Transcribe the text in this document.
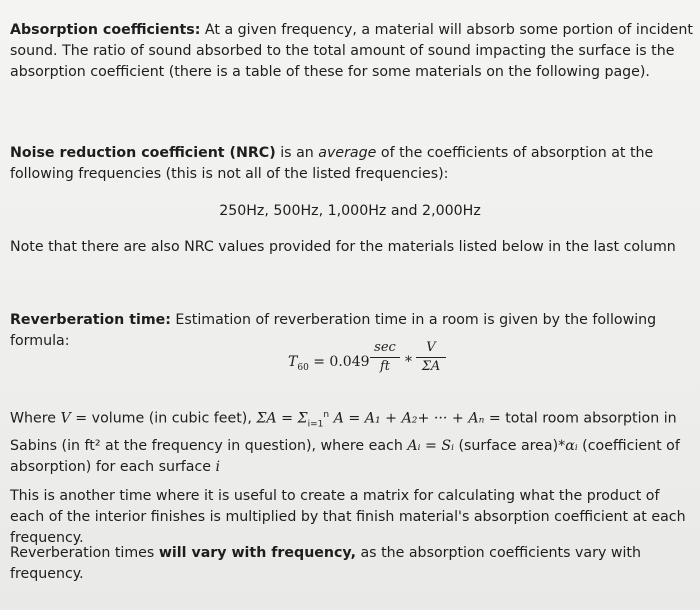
Absorption coefficients: At a given frequency, a material will absorb some portion of incident sound. The ratio of sound absorbed to the total amount of sound impacting the surface is the absorption coefficient (there is a table of these for some materials on the following page).

Noise reduction coefficient (NRC) is an average of the coefficients of absorption at the following frequencies (this is not all of the listed frequencies):

250Hz, 500Hz, 1,000Hz and 2,000Hz

Note that there are also NRC values provided for the materials listed below in the last column

Reverberation time: Estimation of reverberation time in a room is given by the following formula:

$T_{60} = 0.049$
sec
ft	*
V
ΣA

Where V = volume (in cubic feet), $\Sigma A = \Sigma_{i=1}^n$ A = A₁ + A₂+ ··· + Aₙ = total room absorption in Sabins (in ft² at the frequency in question), where each Aᵢ = Sᵢ (surface area)*αᵢ (coefficient of absorption) for each surface i

This is another time where it is useful to create a matrix for calculating what the product of each of the interior finishes is multiplied by that finish material's absorption coefficient at each frequency.

Reverberation times will vary with frequency, as the absorption coefficients vary with frequency.
